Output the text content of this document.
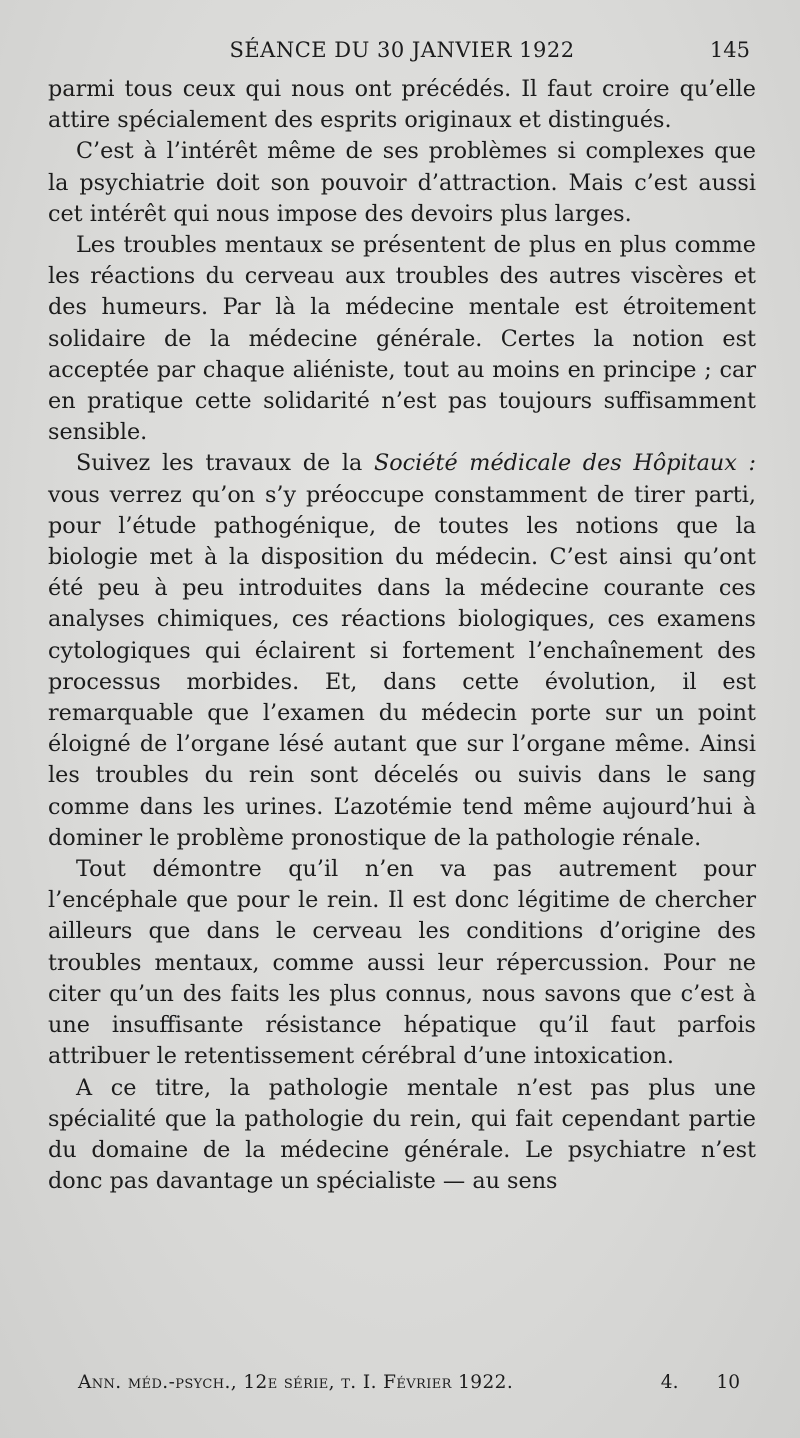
SÉANCE DU 30 JANVIER 1922	145

parmi tous ceux qui nous ont précédés. Il faut croire qu’elle attire spécialement des esprits originaux et distingués.

C’est à l’intérêt même de ses problèmes si complexes que la psychiatrie doit son pouvoir d’attraction. Mais c’est aussi cet intérêt qui nous impose des devoirs plus larges.

Les troubles mentaux se présentent de plus en plus comme les réactions du cerveau aux troubles des autres viscères et des humeurs. Par là la médecine mentale est étroitement solidaire de la médecine générale. Certes la notion est acceptée par chaque aliéniste, tout au moins en principe ; car en pratique cette solidarité n’est pas toujours suffisamment sensible.

Suivez les travaux de la Société médicale des Hôpitaux : vous verrez qu’on s’y préoccupe constamment de tirer parti, pour l’étude pathogénique, de toutes les notions que la biologie met à la disposition du médecin. C’est ainsi qu’ont été peu à peu introduites dans la médecine courante ces analyses chimiques, ces réactions biologiques, ces examens cytologiques qui éclairent si fortement l’enchaînement des processus morbides. Et, dans cette évolution, il est remarquable que l’examen du médecin porte sur un point éloigné de l’organe lésé autant que sur l’organe même. Ainsi les troubles du rein sont décelés ou suivis dans le sang comme dans les urines. L’azotémie tend même aujourd’hui à dominer le problème pronostique de la pathologie rénale.

Tout démontre qu’il n’en va pas autrement pour l’encéphale que pour le rein. Il est donc légitime de chercher ailleurs que dans le cerveau les conditions d’origine des troubles mentaux, comme aussi leur répercussion. Pour ne citer qu’un des faits les plus connus, nous savons que c’est à une insuffisante résistance hépatique qu’il faut parfois attribuer le retentissement cérébral d’une intoxication.

A ce titre, la pathologie mentale n’est pas plus une spécialité que la pathologie du rein, qui fait cependant partie du domaine de la médecine générale. Le psychiatre n’est donc pas davantage un spécialiste — au sens

Ann. méd.-psych., 12e série, t. I. Février 1922.	4. 10
